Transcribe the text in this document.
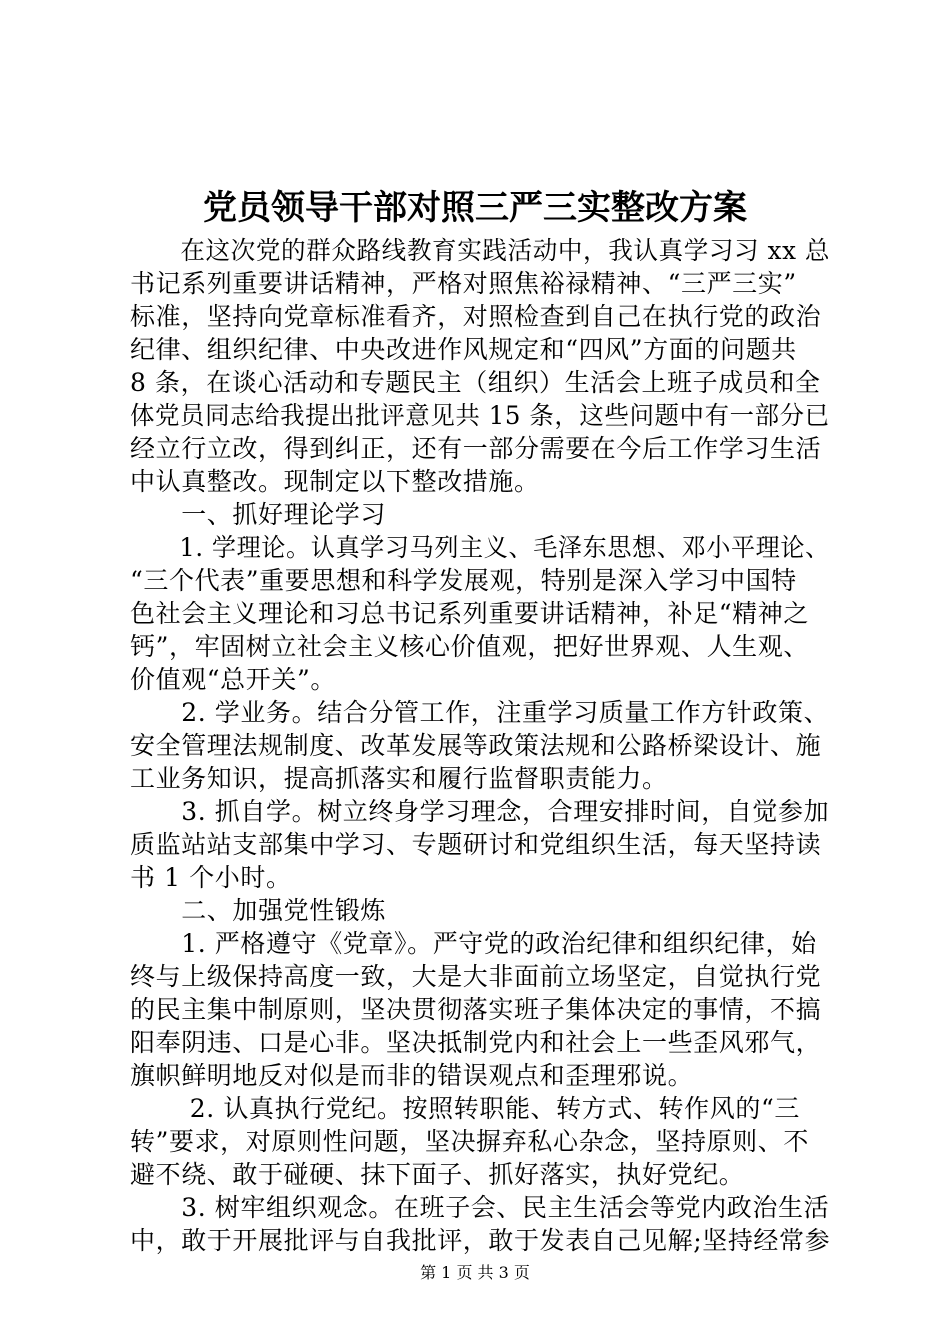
党员领导干部对照三严三实整改方案
　　在这次党的群众路线教育实践活动中，我认真学习习 xx 总
书记系列重要讲话精神，严格对照焦裕禄精神、“三严三实”
标准，坚持向党章标准看齐，对照检查到自己在执行党的政治
纪律、组织纪律、中央改进作风规定和“四风”方面的问题共
8 条，在谈心活动和专题民主（组织）生活会上班子成员和全
体党员同志给我提出批评意见共 15 条，这些问题中有一部分已
经立行立改，得到纠正，还有一部分需要在今后工作学习生活
中认真整改。现制定以下整改措施。
　　一、抓好理论学习
　　1. 学理论。认真学习马列主义、毛泽东思想、邓小平理论、
“三个代表”重要思想和科学发展观，特别是深入学习中国特
色社会主义理论和习总书记系列重要讲话精神，补足“精神之
钙”，牢固树立社会主义核心价值观，把好世界观、人生观、
价值观“总开关”。
　　2. 学业务。结合分管工作，注重学习质量工作方针政策、
安全管理法规制度、改革发展等政策法规和公路桥梁设计、施
工业务知识，提高抓落实和履行监督职责能力。
　　3. 抓自学。树立终身学习理念，合理安排时间，自觉参加
质监站站支部集中学习、专题研讨和党组织生活，每天坚持读
书 1 个小时。
　　二、加强党性锻炼
　　1. 严格遵守《党章》。严守党的政治纪律和组织纪律，始
终与上级保持高度一致，大是大非面前立场坚定，自觉执行党
的民主集中制原则，坚决贯彻落实班子集体决定的事情，不搞
阳奉阴违、口是心非。坚决抵制党内和社会上一些歪风邪气，
旗帜鲜明地反对似是而非的错误观点和歪理邪说。
　　 2. 认真执行党纪。按照转职能、转方式、转作风的“三
转”要求，对原则性问题，坚决摒弃私心杂念，坚持原则、不
避不绕、敢于碰硬、抹下面子、抓好落实，执好党纪。
　　3. 树牢组织观念。在班子会、民主生活会等党内政治生活
中，敢于开展批评与自我批评，敢于发表自己见解;坚持经常参
第 1 页 共 3 页
